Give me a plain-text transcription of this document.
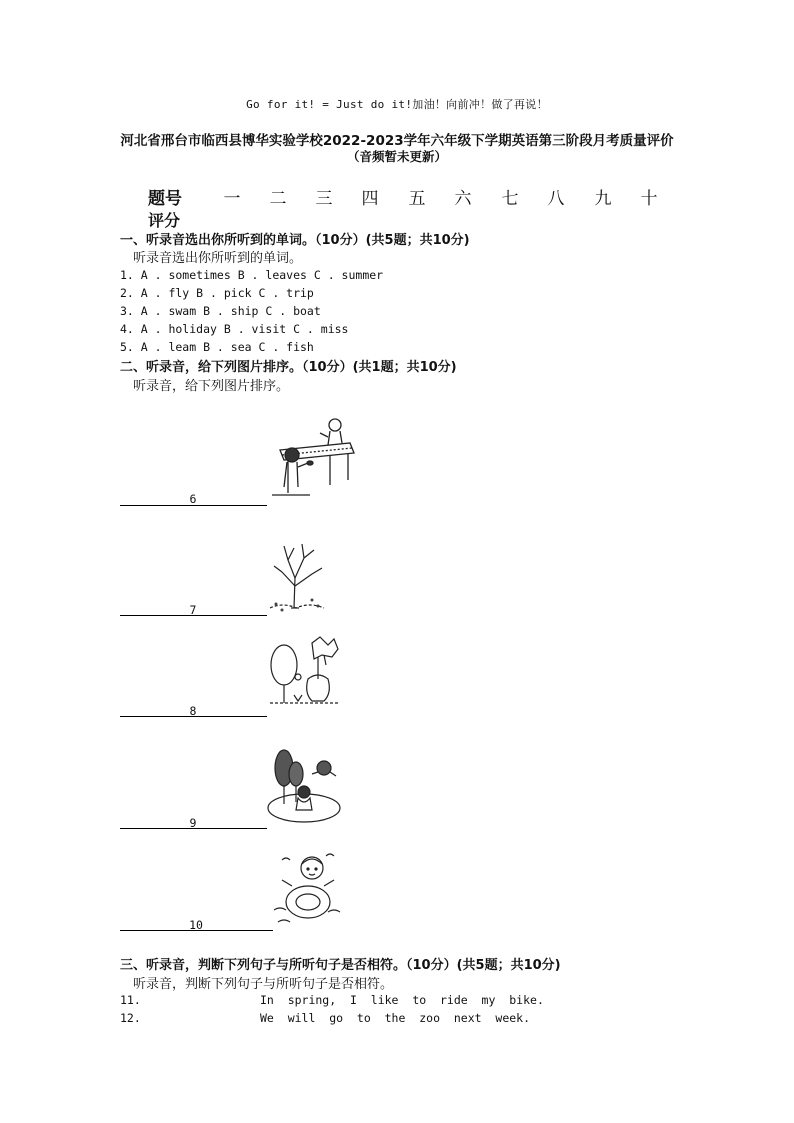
Go for it! = Just do it!加油！向前冲！做了再说！
河北省邢台市临西县博华实验学校2022-2023学年六年级下学期英语第三阶段月考质量评价
（音频暂未更新）
题号	一	二	三	四	五	六	七	八	九	十
评分
一、听录音选出你所听到的单词。（10分）(共5题；共10分)
听录音选出你所听到的单词。
1. A . sometimes B . leaves C . summer
2. A . fly B . pick C . trip
3. A . swam B . ship C . boat
4. A . holiday B . visit C . miss
5. A . leam B . sea C . fish
二、听录音，给下列图片排序。（10分）(共1题；共10分)
听录音，给下列图片排序。
6
7
8
9
10
三、听录音，判断下列句子与所听句子是否相符。（10分）(共5题；共10分)
听录音，判断下列句子与所听句子是否相符。
11.	In  spring,  I  like  to  ride  my  bike.
12.	We  will  go  to  the  zoo  next  week.
